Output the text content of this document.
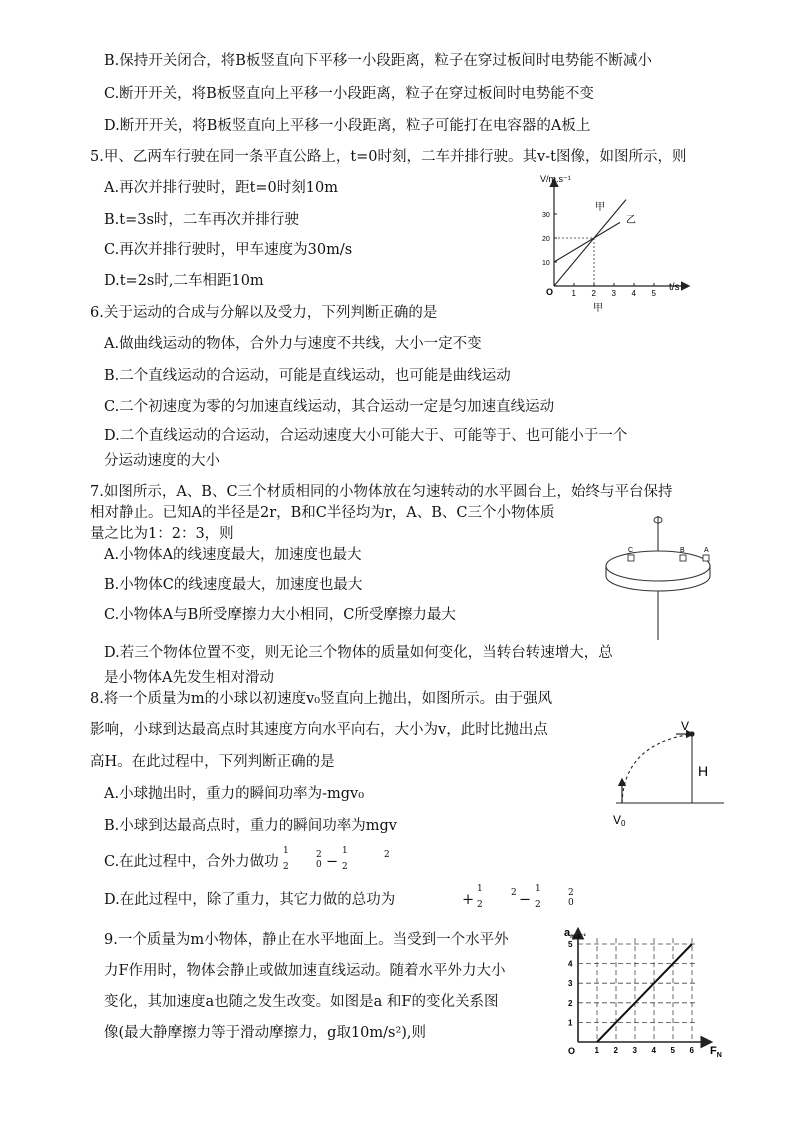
B.保持开关闭合，将B板竖直向下平移一小段距离，粒子在穿过板间时电势能不断减小
C.断开开关，将B板竖直向上平移一小段距离，粒子在穿过板间时电势能不变
D.断开开关，将B板竖直向上平移一小段距离，粒子可能打在电容器的A板上
5.甲、乙两车行驶在同一条平直公路上，t=0时刻，二车并排行驶。其v-t图像，如图所示，则
A.再次并排行驶时，距t=0时刻10m
B.t=3s时，二车再次并排行驶
C.再次并排行驶时，甲车速度为30m/s
D.t=2s时,二车相距10m
V/m.s⁻¹
t/s
O 1 2 3 4 5
10
20
30
甲
乙
甲
6.关于运动的合成与分解以及受力，下列判断正确的是
A.做曲线运动的物体，合外力与速度不共线，大小一定不变
B.二个直线运动的合运动，可能是直线运动，也可能是曲线运动
C.二个初速度为零的匀加速直线运动，其合运动一定是匀加速直线运动
D.二个直线运动的合运动，合运动速度大小可能大于、可能等于、也可能小于一个
分运动速度的大小
7.如图所示，A、B、C三个材质相同的小物体放在匀速转动的水平圆台上，始终与平台保持
相对静止。已知A的半径是2r，B和C半径均为r，A、B、C三个小物体质
量之比为1：2：3，则
A.小物体A的线速度最大，加速度也最大
B.小物体C的线速度最大，加速度也最大
C.小物体A与B所受摩擦力大小相同，C所受摩擦力最大
D.若三个物体位置不变，则无论三个物体的质量如何变化，当转台转速增大，总
是小物体A先发生相对滑动
C	B	A
8.将一个质量为m的小球以初速度v₀竖直向上抛出，如图所示。由于强风
影响，小球到达最高点时其速度方向水平向右，大小为v，此时比抛出点
高H。在此过程中，下列判断正确的是
A.小球抛出时，重力的瞬间功率为-mgv₀
B.小球到达最高点时，重力的瞬间功率为mgv
C.在此过程中，合外力做功
1
2
2
0 −
1
2
2
D.在此过程中，除了重力，其它力做的总功为	+
1
2
2 −
1
2
2
0
V
H
V0
9.一个质量为m小物体，静止在水平地面上。当受到一个水平外
力F作用时，物体会静止或做加速直线运动。随着水平外力大小
变化，其加速度a也随之发生改变。如图是a 和F的变化关系图
像(最大静摩擦力等于滑动摩擦力，g取10m/s²),则
1 2 3 4 5 6
1
2
3
4
5
am.s⁻²
$F_N$
O
